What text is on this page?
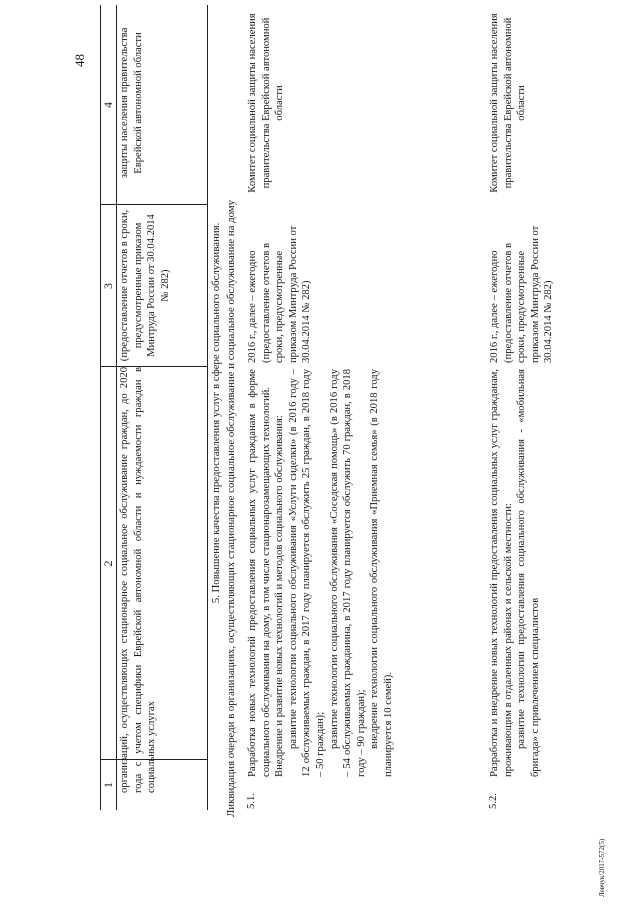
48
1
2
3
4
организаций, осуществляющих стационарное социальное обслуживание граждан, до 2020 года с учетом специфики Еврейской автономной области и нуждаемости граждан в социальных услугах
(предоставление отчетов в сроки, предусмотренные приказом Минтруда России от 30.04.2014 № 282)
защиты населения правительства Еврейской автономной области
5. Повышение качества предоставления услуг в сфере социального обслуживания. Ликвидация очереди в организациях, осуществляющих стационарное социальное обслуживание и социальное обслуживание на дому 5.1.

Разработка новых технологий предоставления социальных услуг гражданам в форме социального обслуживания на дому, в том числе стационарозамещающих технологий. Внедрение и развитие новых технологий и методов социального обслуживания: развитие технологии социального обслуживания «Услуги сиделки» (в 2016 году – 12 обслуживаемых граждан, в 2017 году планируется обслужить 25 граждан, в 2018 году – 50 граждан); развитие технологии социального обслуживания «Соседская помощь» (в 2016 году – 54 обслуживаемых гражданина, в 2017 году планируется обслужить 70 граждан, в 2018 году – 90 граждан); внедрение технологии социального обслуживания «Приемная семья» (в 2018 году планируется 10 семей).

2016 г., далее – ежегодно (предоставление отчетов в сроки, предусмотренные приказом Минтруда России от 30.04.2014 № 282)
Комитет социальной защиты населения правительства Еврейской автономной области
5.2.

Разработка и внедрение новых технологий предоставления социальных услуг гражданам, проживающим в отдаленных районах и сельской местности: развитие технологии предоставления социального обслуживания - «мобильная бригада» с привлечением специалистов

2016 г., далее – ежегодно (предоставление отчетов в сроки, предусмотренные приказом Минтруда России от 30.04.2014 № 282)
Комитет социальной защиты населения правительства Еврейской автономной области
Левчук/2017-572(5)
